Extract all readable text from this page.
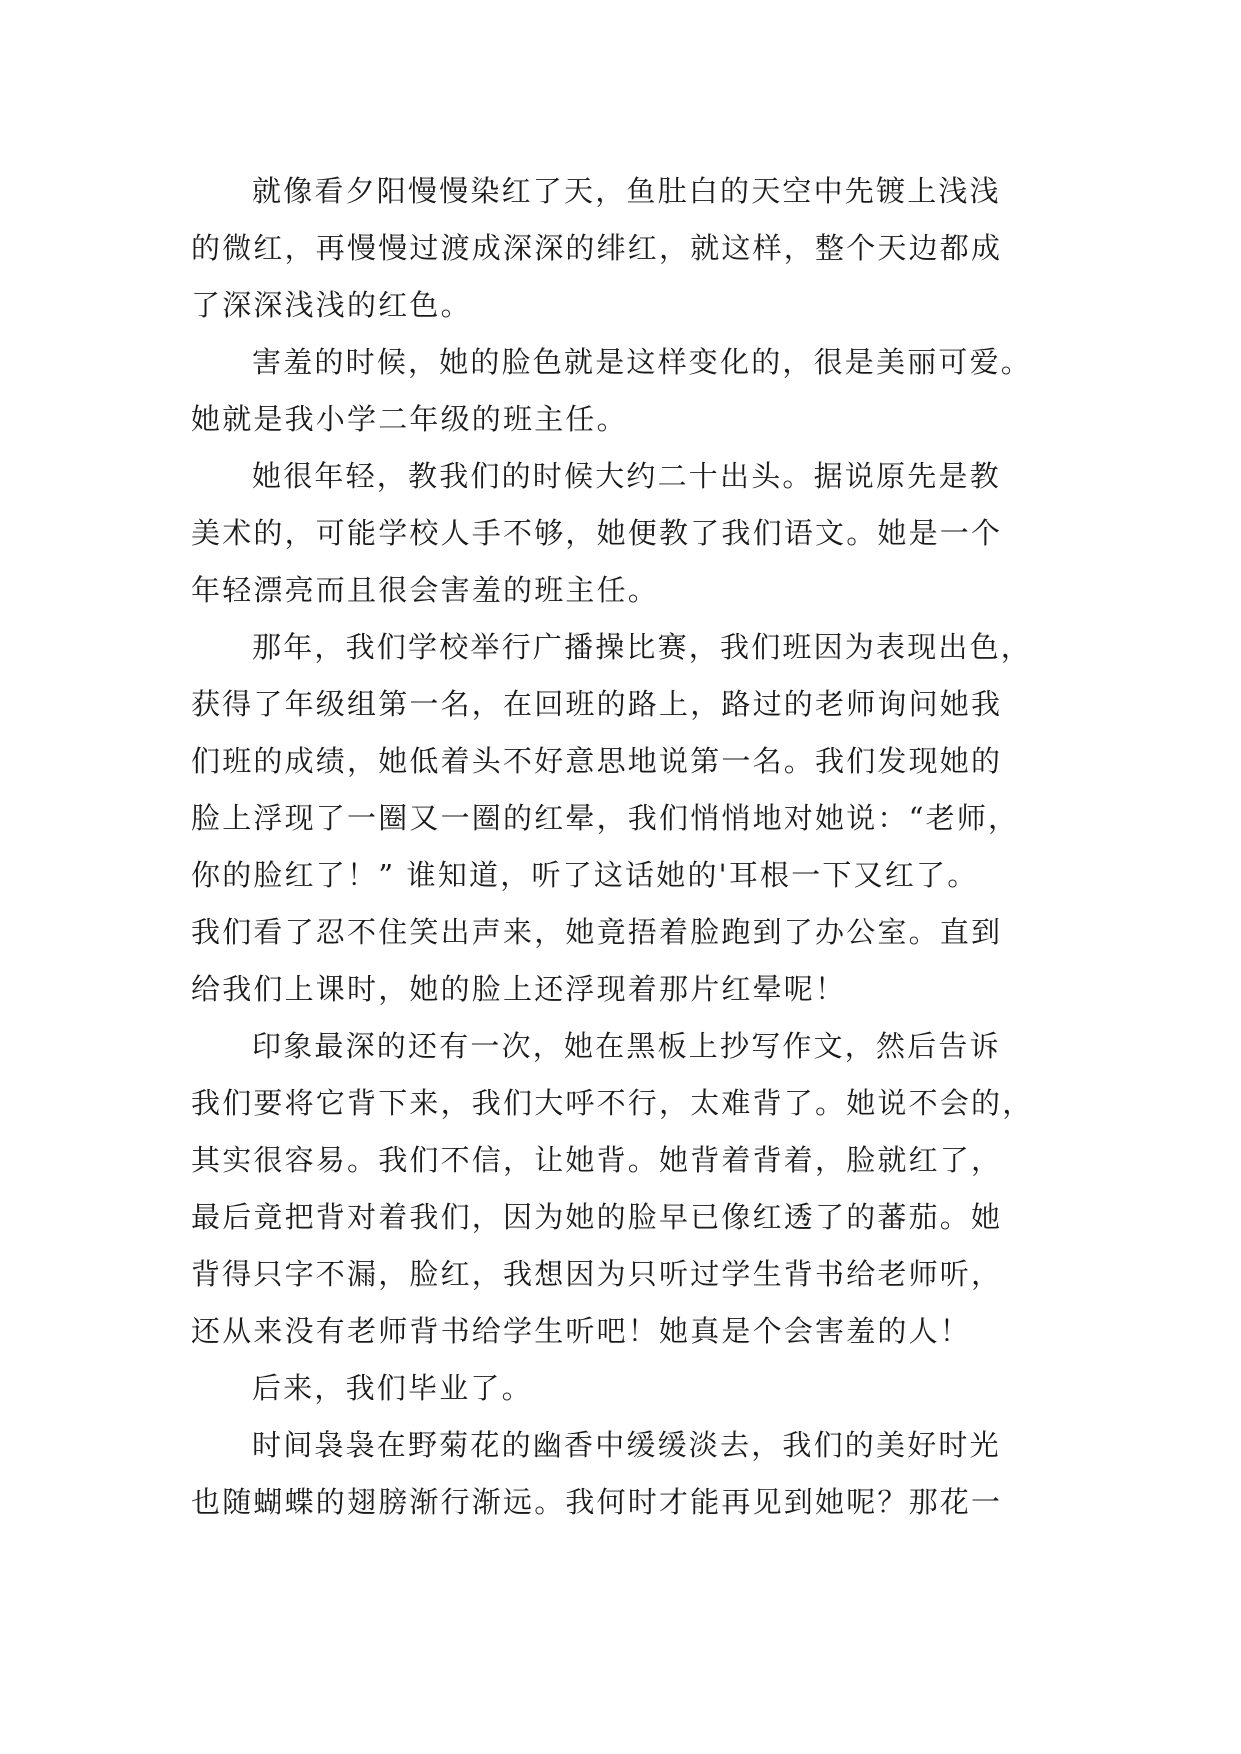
就像看夕阳慢慢染红了天，鱼肚白的天空中先镀上浅浅
的微红，再慢慢过渡成深深的绯红，就这样，整个天边都成
了深深浅浅的红色。
害羞的时候，她的脸色就是这样变化的，很是美丽可爱。
她就是我小学二年级的班主任。
她很年轻，教我们的时候大约二十出头。据说原先是教
美术的，可能学校人手不够，她便教了我们语文。她是一个
年轻漂亮而且很会害羞的班主任。
那年，我们学校举行广播操比赛，我们班因为表现出色，
获得了年级组第一名，在回班的路上，路过的老师询问她我
们班的成绩，她低着头不好意思地说第一名。我们发现她的
脸上浮现了一圈又一圈的红晕，我们悄悄地对她说：“老师，
你的脸红了！” 谁知道，听了这话她的'耳根一下又红了。
我们看了忍不住笑出声来，她竟捂着脸跑到了办公室。直到
给我们上课时，她的脸上还浮现着那片红晕呢！
印象最深的还有一次，她在黑板上抄写作文，然后告诉
我们要将它背下来，我们大呼不行，太难背了。她说不会的，
其实很容易。我们不信，让她背。她背着背着，脸就红了，
最后竟把背对着我们，因为她的脸早已像红透了的蕃茄。她
背得只字不漏，脸红，我想因为只听过学生背书给老师听，
还从来没有老师背书给学生听吧！她真是个会害羞的人！
后来，我们毕业了。
时间袅袅在野菊花的幽香中缓缓淡去，我们的美好时光
也随蝴蝶的翅膀渐行渐远。我何时才能再见到她呢？那花一
